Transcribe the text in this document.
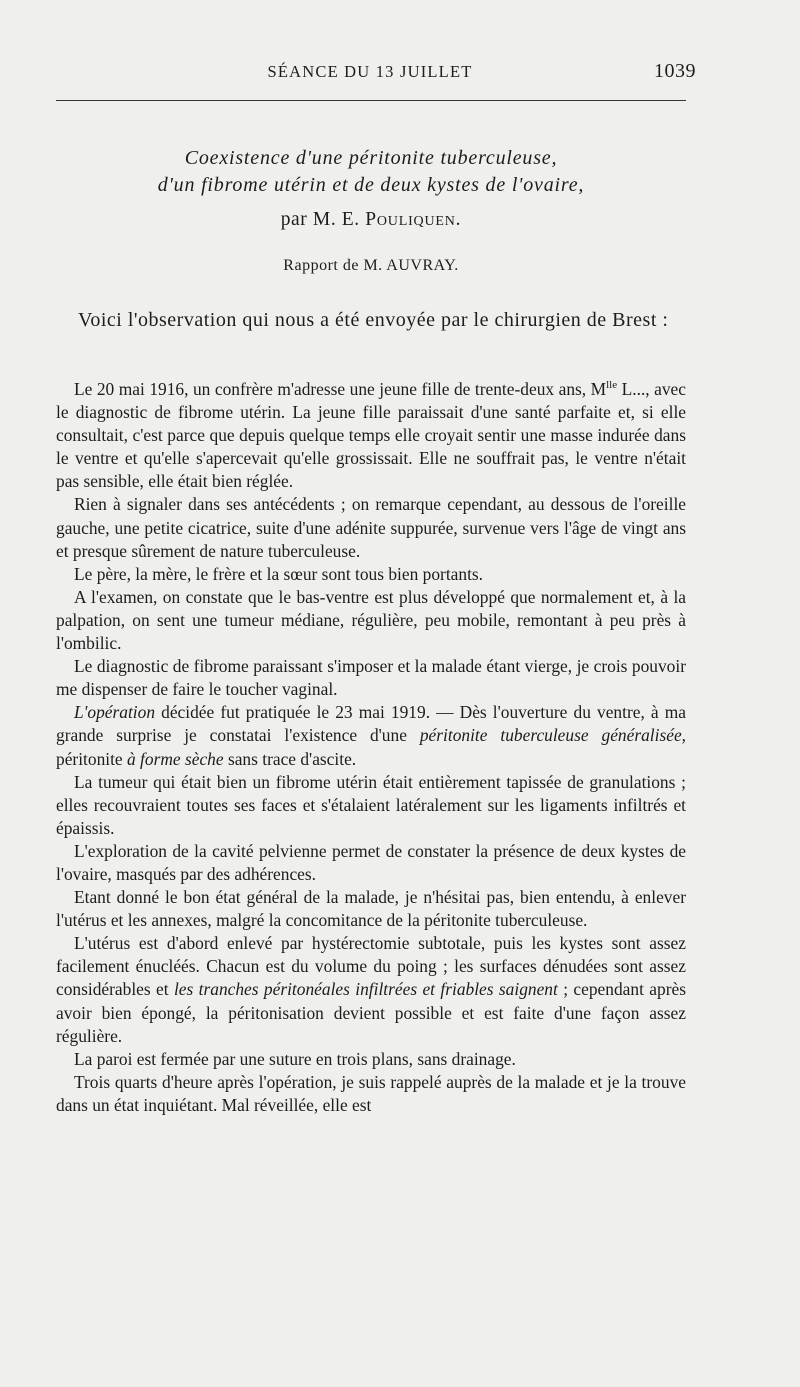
SÉANCE DU 13 JUILLET	1039
Coexistence d'une péritonite tuberculeuse,
d'un fibrome utérin et de deux kystes de l'ovaire,
par M. E. Pouliquen.
Rapport de M. AUVRAY.
Voici l'observation qui nous a été envoyée par le chirurgien de Brest :

Le 20 mai 1916, un confrère m'adresse une jeune fille de trente-deux ans, $M^{lle}$ L..., avec le diagnostic de fibrome utérin. La jeune fille paraissait d'une santé parfaite et, si elle consultait, c'est parce que depuis quelque temps elle croyait sentir une masse indurée dans le ventre et qu'elle s'apercevait qu'elle grossissait. Elle ne souffrait pas, le ventre n'était pas sensible, elle était bien réglée.

Rien à signaler dans ses antécédents ; on remarque cependant, au dessous de l'oreille gauche, une petite cicatrice, suite d'une adénite suppurée, survenue vers l'âge de vingt ans et presque sûrement de nature tuberculeuse.

Le père, la mère, le frère et la sœur sont tous bien portants.

A l'examen, on constate que le bas-ventre est plus développé que normalement et, à la palpation, on sent une tumeur médiane, régulière, peu mobile, remontant à peu près à l'ombilic.

Le diagnostic de fibrome paraissant s'imposer et la malade étant vierge, je crois pouvoir me dispenser de faire le toucher vaginal.

L'opération décidée fut pratiquée le 23 mai 1919. — Dès l'ouverture du ventre, à ma grande surprise je constatai l'existence d'une péritonite tuberculeuse généralisée, péritonite à forme sèche sans trace d'ascite.

La tumeur qui était bien un fibrome utérin était entièrement tapissée de granulations ; elles recouvraient toutes ses faces et s'étalaient latéralement sur les ligaments infiltrés et épaissis.

L'exploration de la cavité pelvienne permet de constater la présence de deux kystes de l'ovaire, masqués par des adhérences.

Etant donné le bon état général de la malade, je n'hésitai pas, bien entendu, à enlever l'utérus et les annexes, malgré la concomitance de la péritonite tuberculeuse.

L'utérus est d'abord enlevé par hystérectomie subtotale, puis les kystes sont assez facilement énucléés. Chacun est du volume du poing ; les surfaces dénudées sont assez considérables et les tranches péritonéales infiltrées et friables saignent ; cependant après avoir bien épongé, la péritonisation devient possible et est faite d'une façon assez régulière.

La paroi est fermée par une suture en trois plans, sans drainage.

Trois quarts d'heure après l'opération, je suis rappelé auprès de la malade et je la trouve dans un état inquiétant. Mal réveillée, elle est
